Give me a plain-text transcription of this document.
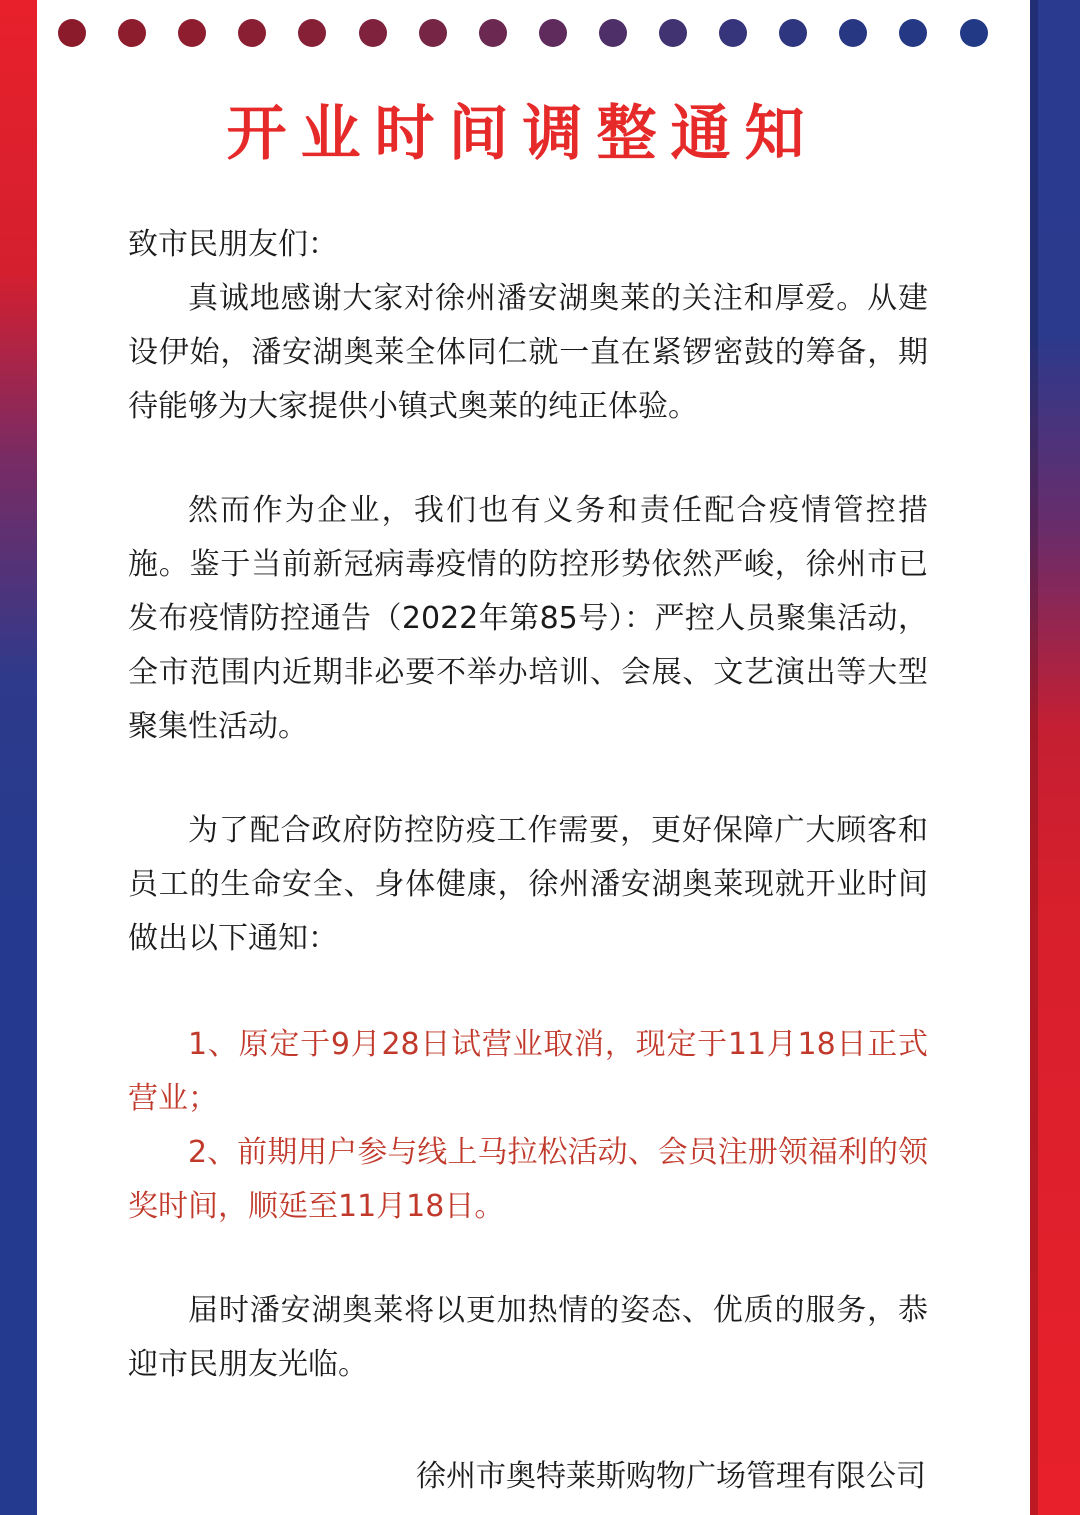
开业时间调整通知

致市民朋友们：

真诚地感谢大家对徐州潘安湖奥莱的关注和厚爱。从建设伊始，潘安湖奥莱全体同仁就一直在紧锣密鼓的筹备，期待能够为大家提供小镇式奥莱的纯正体验。

然而作为企业，我们也有义务和责任配合疫情管控措施。鉴于当前新冠病毒疫情的防控形势依然严峻，徐州市已发布疫情防控通告（2022年第85号）：严控人员聚集活动，全市范围内近期非必要不举办培训、会展、文艺演出等大型聚集性活动。

为了配合政府防控防疫工作需要，更好保障广大顾客和员工的生命安全、身体健康，徐州潘安湖奥莱现就开业时间做出以下通知：

1、原定于9月28日试营业取消，现定于11月18日正式营业；

2、前期用户参与线上马拉松活动、会员注册领福利的领奖时间，顺延至11月18日。

届时潘安湖奥莱将以更加热情的姿态、优质的服务，恭迎市民朋友光临。

徐州市奥特莱斯购物广场管理有限公司
